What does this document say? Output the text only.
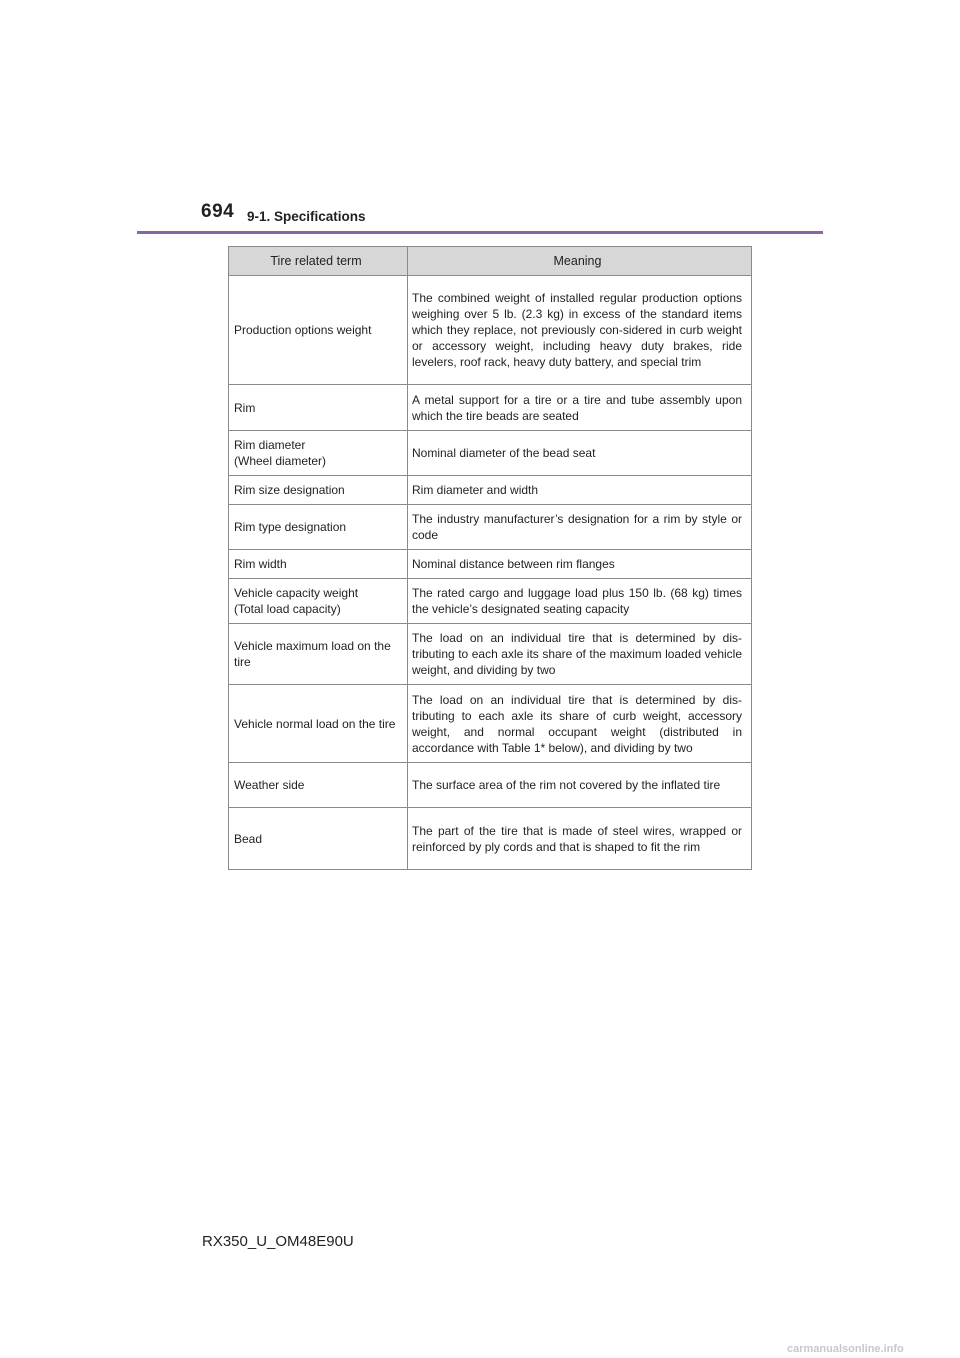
694 9-1. Specifications
Tire related term	Meaning
Production options weight	The combined weight of installed regular production options weighing over 5 lb. (2.3 kg) in excess of the standard items which they replace, not previously con-sidered in curb weight or accessory weight, including heavy duty brakes, ride levelers, roof rack, heavy duty battery, and special trim
Rim	A metal support for a tire or a tire and tube assembly upon which the tire beads are seated
Rim diameter
(Wheel diameter)	Nominal diameter of the bead seat
Rim size designation	Rim diameter and width
Rim type designation	The industry manufacturer’s designation for a rim by style or code
Rim width	Nominal distance between rim flanges
Vehicle capacity weight
(Total load capacity)	The rated cargo and luggage load plus 150 lb. (68 kg) times the vehicle’s designated seating capacity
Vehicle maximum load on the tire	The load on an individual tire that is determined by dis-tributing to each axle its share of the maximum loaded vehicle weight, and dividing by two
Vehicle normal load on the tire	The load on an individual tire that is determined by dis-tributing to each axle its share of curb weight, accessory weight, and normal occupant weight (distributed in accordance with Table 1* below), and dividing by two
Weather side	The surface area of the rim not covered by the inflated tire
Bead	The part of the tire that is made of steel wires, wrapped or reinforced by ply cords and that is shaped to fit the rim
RX350_U_OM48E90U
carmanualsonline.info
